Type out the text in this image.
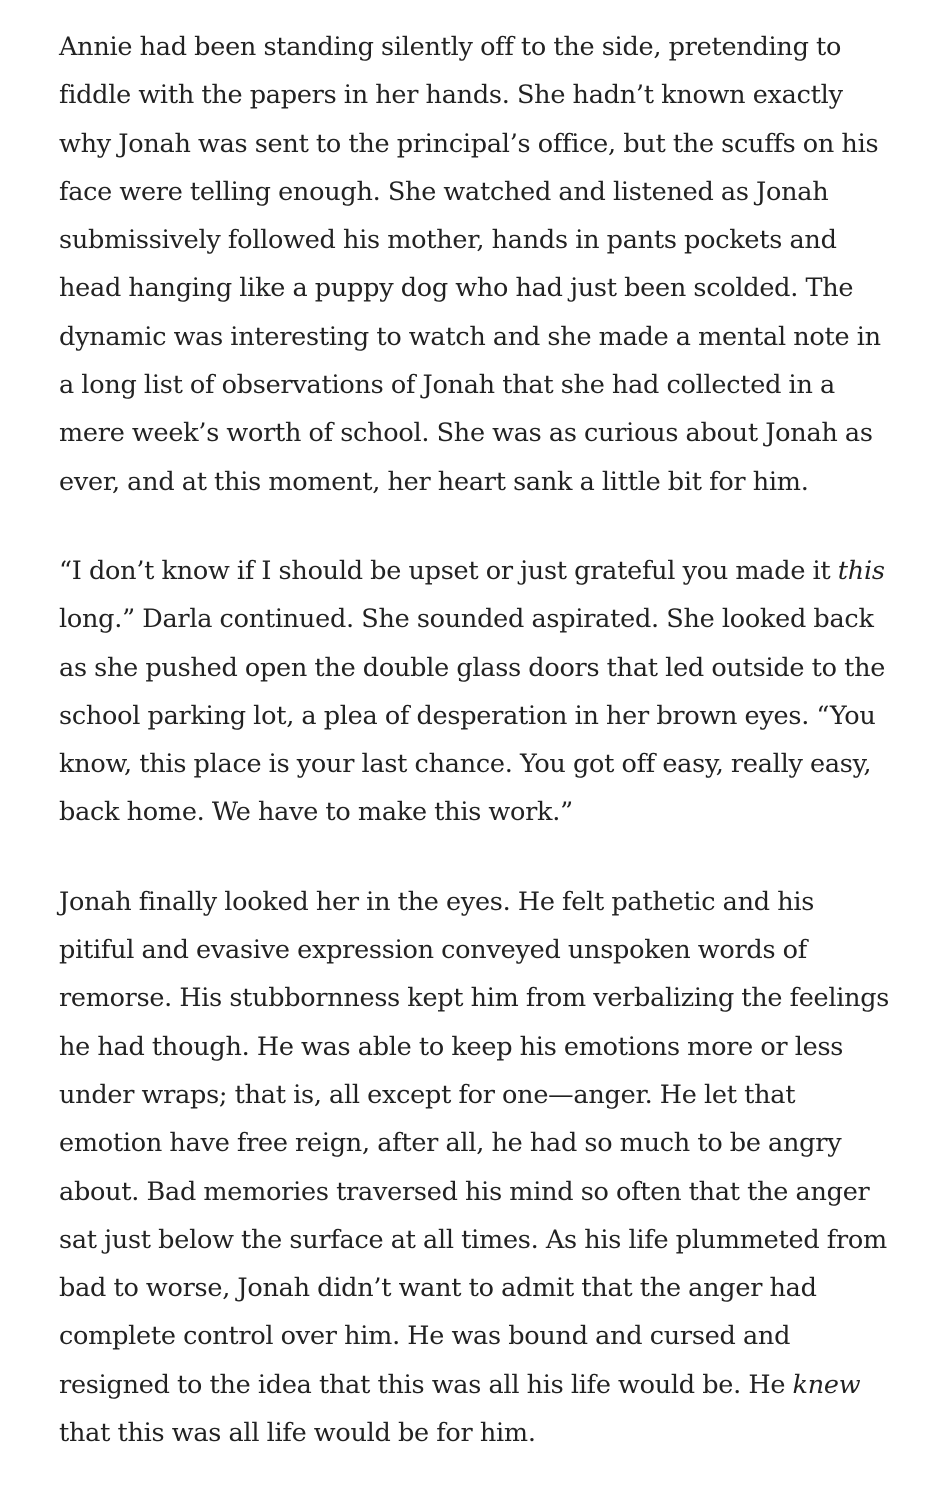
Annie had been standing silently off to the side, pretending to
fiddle with the papers in her hands. She hadn’t known exactly
why Jonah was sent to the principal’s office, but the scuffs on his
face were telling enough. She watched and listened as Jonah
submissively followed his mother, hands in pants pockets and
head hanging like a puppy dog who had just been scolded. The
dynamic was interesting to watch and she made a mental note in
a long list of observations of Jonah that she had collected in a
mere week’s worth of school. She was as curious about Jonah as
ever, and at this moment, her heart sank a little bit for him.

“I don’t know if I should be upset or just grateful you made it this
long.” Darla continued. She sounded aspirated. She looked back
as she pushed open the double glass doors that led outside to the
school parking lot, a plea of desperation in her brown eyes. “You
know, this place is your last chance. You got off easy, really easy,
back home. We have to make this work.”

Jonah finally looked her in the eyes. He felt pathetic and his
pitiful and evasive expression conveyed unspoken words of
remorse. His stubbornness kept him from verbalizing the feelings
he had though. He was able to keep his emotions more or less
under wraps; that is, all except for one—anger. He let that
emotion have free reign, after all, he had so much to be angry
about. Bad memories traversed his mind so often that the anger
sat just below the surface at all times. As his life plummeted from
bad to worse, Jonah didn’t want to admit that the anger had
complete control over him. He was bound and cursed and
resigned to the idea that this was all his life would be. He knew
that this was all life would be for him.
